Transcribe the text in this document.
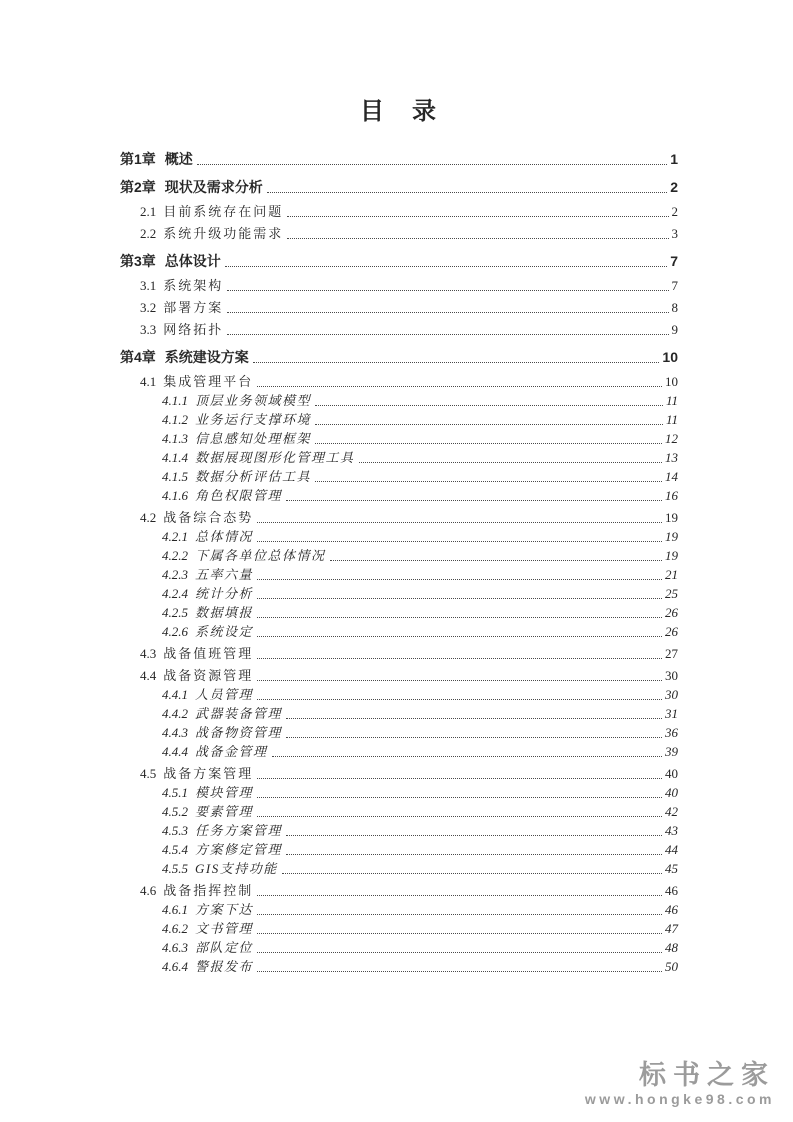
目　录
第1章 概述	1
第2章 现状及需求分析	2
2.1 目前系统存在问题	2
2.2 系统升级功能需求	3
第3章 总体设计	7
3.1 系统架构	7
3.2 部署方案	8
3.3 网络拓扑	9
第4章 系统建设方案	10
4.1 集成管理平台	10
4.1.1 顶层业务领域模型	11
4.1.2 业务运行支撑环境	11
4.1.3 信息感知处理框架	12
4.1.4 数据展现图形化管理工具	13
4.1.5 数据分析评估工具	14
4.1.6 角色权限管理	16
4.2 战备综合态势	19
4.2.1 总体情况	19
4.2.2 下属各单位总体情况	19
4.2.3 五率六量	21
4.2.4 统计分析	25
4.2.5 数据填报	26
4.2.6 系统设定	26
4.3 战备值班管理	27
4.4 战备资源管理	30
4.4.1 人员管理	30
4.4.2 武器装备管理	31
4.4.3 战备物资管理	36
4.4.4 战备金管理	39
4.5 战备方案管理	40
4.5.1 模块管理	40
4.5.2 要素管理	42
4.5.3 任务方案管理	43
4.5.4 方案修定管理	44
4.5.5 GIS支持功能	45
4.6 战备指挥控制	46
4.6.1 方案下达	46
4.6.2 文书管理	47
4.6.3 部队定位	48
4.6.4 警报发布	50
标书之家
www.hongke98.com
